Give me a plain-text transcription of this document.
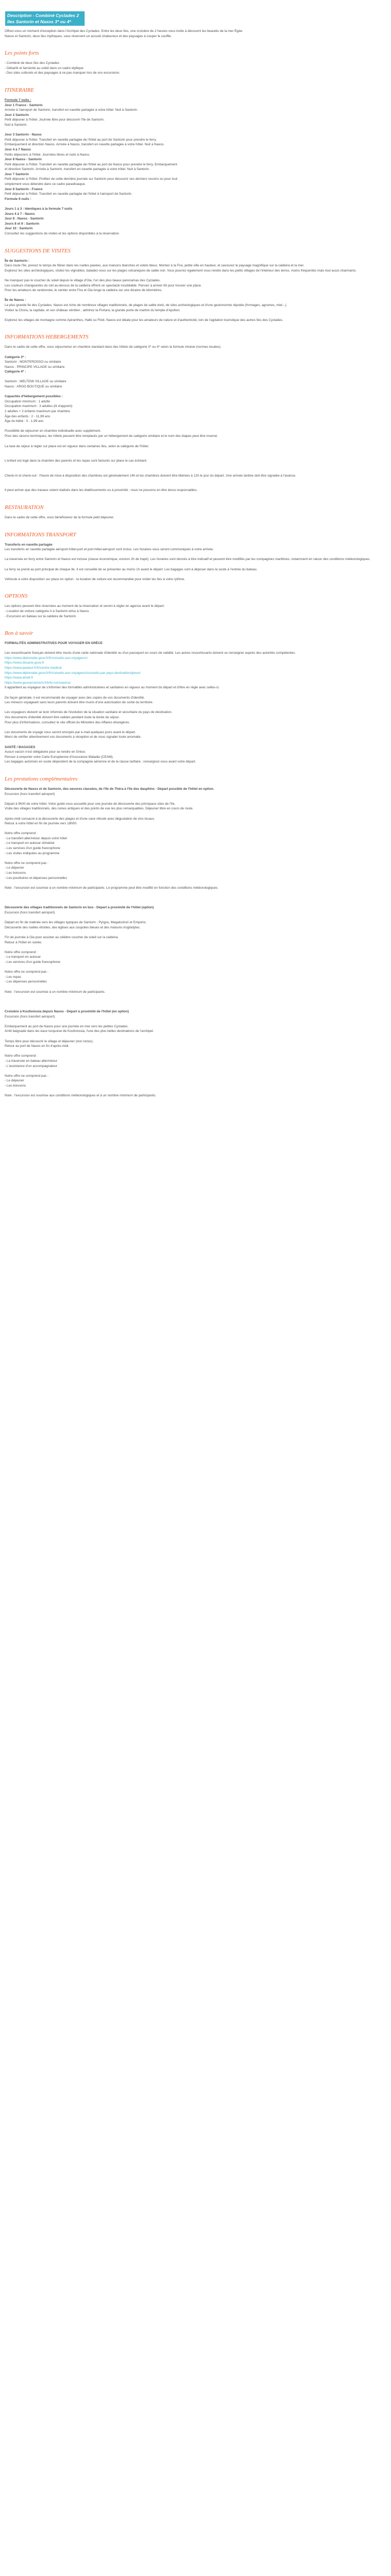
Description - Combiné Cyclades 2 îles Santorin et Naxos 3* ou 4*

Offrez-vous un moment d'exception dans l'Archipel des Cyclades. Entre les deux îles, une croisière de 2 heures vous invite à découvrir les beautés de la mer Égée.

Naxos et Santorin, deux îles mythiques, vous réservent un accueil chaleureux et des paysages à couper le souffle.

Les points forts

- Combiné de deux îles des Cyclades

- Débarfé et farniente au soleil dans un cadre idyllique

- Des sites culturels et des paysages à ne pas manquer lors de vos excursions

ITINERAIRE

Formule 7 nuits :

Jour 1 France - Santorin

Arrivée à l'aéroport de Santorin, transfert en navette partagée à votre hôtel. Nuit à Santorin.

Jour 2 Santorin

Petit déjeuner à l'hôtel. Journée libre pour découvrir l'île de Santorin.

Nuit à Santorin.

Jour 3 Santorin - Naxos

Petit déjeuner à l'hôtel. Transfert en navette partagée de l'hôtel au port de Santorin pour prendre le ferry.

Embarquement et direction Naxos. Arrivée à Naxos, transfert en navette partagée à votre hôtel. Nuit à Naxos.

Jour 4 à 7 Naxos

Petits déjeuners à l'hôtel. Journées libres et nuits à Naxos.

Jour 8 Naxos - Santorin

Petit déjeuner à l'hôtel. Transfert en navette partagée de l'hôtel au port de Naxos pour prendre le ferry. Embarquement

et direction Santorin. Arrivée à Santorin, transfert en navette partagée à votre hôtel. Nuit à Santorin.

Jour 7 Santorin

Petit déjeuner à l'hôtel. Profitez de cette dernière journée sur Santorin pour découvrir ses derniers recoins ou pour tout

simplement vous détendre dans ce cadre paradisiaque.

Jour 8 Santorin - France

Petit déjeuner à l'hôtel. Transfert en navette partagée de l'hôtel à l'aéroport de Santorin.

Formule 9 nuits :

Jours 1 à 3 : Identiques à la formule 7 nuits

Jours 4 à 7 : Naxos

Jour 8 : Naxos - Santorin

Jours 8 et 9 : Santorin

Jour 10 : Santorin

Consultez les suggestions de visites et les options disponibles à la réservation.

SUGGESTIONS DE VISITES

Île de Santorin :

Dans toute l'île, prenez le temps de flâner dans les ruelles pavées, aux maisons blanches et volets bleus. Montez à la Fira, petite ville en hauteur, et savourez le paysage magnifique sur la caldeira et la mer.

Explorez les sites archéologiques, visitez les vignobles, baladez-vous sur les plages volcaniques de sable noir. Vous pourrez également vous rendre dans les petits villages de l'intérieur des terres, moins fréquentés mais tout aussi charmants.

Ne manquez pas le coucher du soleil depuis le village d'Oia, l'un des plus beaux panoramas des Cyclades.

Les couleurs changeantes du ciel au-dessus de la caldeira offrent un spectacle inoubliable. Pensez à arriver tôt pour trouver une place.

Pour les amateurs de randonnée, le sentier entre Fira et Oia longe la caldeira sur une dizaine de kilomètres.

Île de Naxos :

La plus grande île des Cyclades, Naxos est riche de nombreux villages traditionnels, de plages de sable doré, de sites archéologiques et d'une gastronomie réputée (fromages, agrumes, miel...).

Visitez la Chora, la capitale, et son château vénitien ; admirez la Portara, la grande porte de marbre du temple d'Apollon.

Explorez les villages de montagne comme Apiranthos, Halki ou Filoti. Naxos est idéale pour les amateurs de nature et d'authenticité, loin de l'agitation touristique des autres îles des Cyclades.

INFORMATIONS HEBERGEMENTS

Dans le cadre de cette offre, vous séjournerez en chambre standard dans des hôtels de catégorie 3* ou 4* selon la formule choisie (normes locales).

Catégorie 3* :

Santorin : MONTEROSSO ou similaire

Naxos : PRINCIPE VILLAGE ou similaire

Catégorie 4* :

Santorin : MELTEMI VILLAGE ou similaire

Naxos : ARGO BOUTIQUE ou similaire

Capacités d'hébergement possibles :

Occupation minimum : 1 adulte

Occupation maximum : 3 adultes (lit d'appoint)

2 adultes + 2 enfants maximum par chambre

Âge des enfants : 2 - 11,99 ans

Âge du bébé : 0 - 1,99 ans

Possibilité de séjourner en chambre individuelle avec supplément.

Pour des raisons techniques, les hôtels peuvent être remplacés par un hébergement de catégorie similaire et le nom des étapes peut être inversé.

La taxe de séjour à régler sur place est en vigueur dans certaines îles, selon la catégorie de l'hôtel.

L'enfant est logé dans la chambre des parents et les repas sont facturés sur place le cas échéant.

Check-in et check-out : l'heure de mise à disposition des chambres est généralement 14h et les chambres doivent être libérées à 12h le jour du départ. Une arrivée tardive doit être signalée à l'avance.

Il peut arriver que des travaux soient réalisés dans les établissements ou à proximité ; nous ne pouvons en être tenus responsables.

RESTAURATION

Dans le cadre de cette offre, vous bénéficierez de la formule petit déjeuner.

INFORMATIONS TRANSPORT

Transferts en navette partagée

Les transferts en navette partagée aéroport-hôtel-port et port-hôtel-aéroport sont inclus. Les horaires vous seront communiqués à votre arrivée.

La traversée en ferry entre Santorin et Naxos est incluse (classe économique, environ 2h de trajet). Les horaires sont donnés à titre indicatif et peuvent être modifiés par les compagnies maritimes, notamment en raison des conditions météorologiques.

Le ferry se prend au port principal de chaque île. Il est conseillé de se présenter au moins 1h avant le départ. Les bagages sont à déposer dans la soute à l'entrée du bateau.

Véhicule à votre disposition sur place en option : la location de voiture est recommandée pour visiter les îles à votre rythme.

OPTIONS

Les options peuvent être réservées au moment de la réservation et seront à régler en agence avant le départ.

- Location de voiture catégorie A à Santorin et/ou à Naxos

- Excursion en bateau sur la caldeira de Santorin

Bon à savoir

FORMALITÉS ADMINISTRATIVES POUR VOYAGER EN GRÈCE

Les ressortissants français doivent être munis d'une carte nationale d'identité ou d'un passeport en cours de validité. Les autres ressortissants doivent se renseigner auprès des autorités compétentes.

https://www.diplomatie.gouv.fr/fr/conseils-aux-voyageurs/

https://www.douane.gouv.fr

https://www.pasteur.fr/fr/centre-medical

https://www.diplomatie.gouv.fr/fr/conseils-aux-voyageurs/conseils-par-pays-destination/grece/

https://www.ameli.fr

https://www.gouvernement.fr/info-coronavirus

Il appartient au voyageur de s'informer des formalités administratives et sanitaires en vigueur au moment du départ et d'être en règle avec celles-ci.

De façon générale, il est recommandé de voyager avec des copies de vos documents d'identité.

Les mineurs voyageant sans leurs parents doivent être munis d'une autorisation de sortie du territoire.

Les voyageurs doivent se tenir informés de l'évolution de la situation sanitaire et sécuritaire du pays de destination.

Vos documents d'identité doivent être valides pendant toute la durée du séjour.

Pour plus d'informations, consultez le site officiel du Ministère des Affaires étrangères.

Les documents de voyage vous seront envoyés par e-mail quelques jours avant le départ.

Merci de vérifier attentivement vos documents à réception et de nous signaler toute anomalie.

SANTÉ / BAGAGES

Aucun vaccin n'est obligatoire pour se rendre en Grèce.

Pensez à emporter votre Carte Européenne d'Assurance Maladie (CEAM).

Les bagages autorisés en soute dépendent de la compagnie aérienne et de la classe tarifaire ; renseignez-vous avant votre départ.

Les prestations complémentaires

Découverte de Naxos et de Santorin, des oeuvres classées, de l'île de Théra à l'île des dauphins - Départ possible de l'hôtel en option.

Excursion (hors transfert aéroport)

Départ à 9h00 de votre hôtel. Votre guide vous accueille pour une journée de découverte des principaux sites de l'île.

Visite des villages traditionnels, des ruines antiques et des points de vue les plus remarquables. Déjeuner libre en cours de route.

Après-midi consacré à la découverte des plages et d'une cave viticole avec dégustation de vins locaux.

Retour à votre hôtel en fin de journée vers 18h00.

Notre offre comprend :

- Le transfert aller/retour depuis votre hôtel

- Le transport en autocar climatisé

- Les services d'un guide francophone

- Les visites indiquées au programme

Notre offre ne comprend pas :

- Le déjeuner

- Les boissons

- Les pourboires et dépenses personnelles

Note : l'excursion est soumise à un nombre minimum de participants. Le programme peut être modifié en fonction des conditions météorologiques.

Découverte des villages traditionnels de Santorin en bus - Départ à proximité de l'hôtel (option)

Excursion (hors transfert aéroport)

Départ en fin de matinée vers les villages typiques de Santorin : Pyrgos, Megalochori et Emporio.

Découverte des ruelles étroites, des églises aux coupoles bleues et des maisons troglodytes.

Fin de journée à Oia pour assister au célèbre coucher de soleil sur la caldeira.

Retour à l'hôtel en soirée.

Notre offre comprend :

- Le transport en autocar

- Les services d'un guide francophone

Notre offre ne comprend pas :

- Les repas

- Les dépenses personnelles

Note : l'excursion est soumise à un nombre minimum de participants.

Croisière à Koufonissia depuis Naxos - Départ à proximité de l'hôtel (en option)

Excursion (hors transfert aéroport)

Embarquement au port de Naxos pour une journée en mer vers les petites Cyclades.

Arrêt baignade dans les eaux turquoise de Koufonissia, l'une des plus belles destinations de l'archipel.

Temps libre pour découvrir le village et déjeuner (non inclus).

Retour au port de Naxos en fin d'après-midi.

Notre offre comprend :

- La traversée en bateau aller/retour

- L'assistance d'un accompagnateur

Notre offre ne comprend pas :

- Le déjeuner

- Les boissons

Note : l'excursion est soumise aux conditions météorologiques et à un nombre minimum de participants.
